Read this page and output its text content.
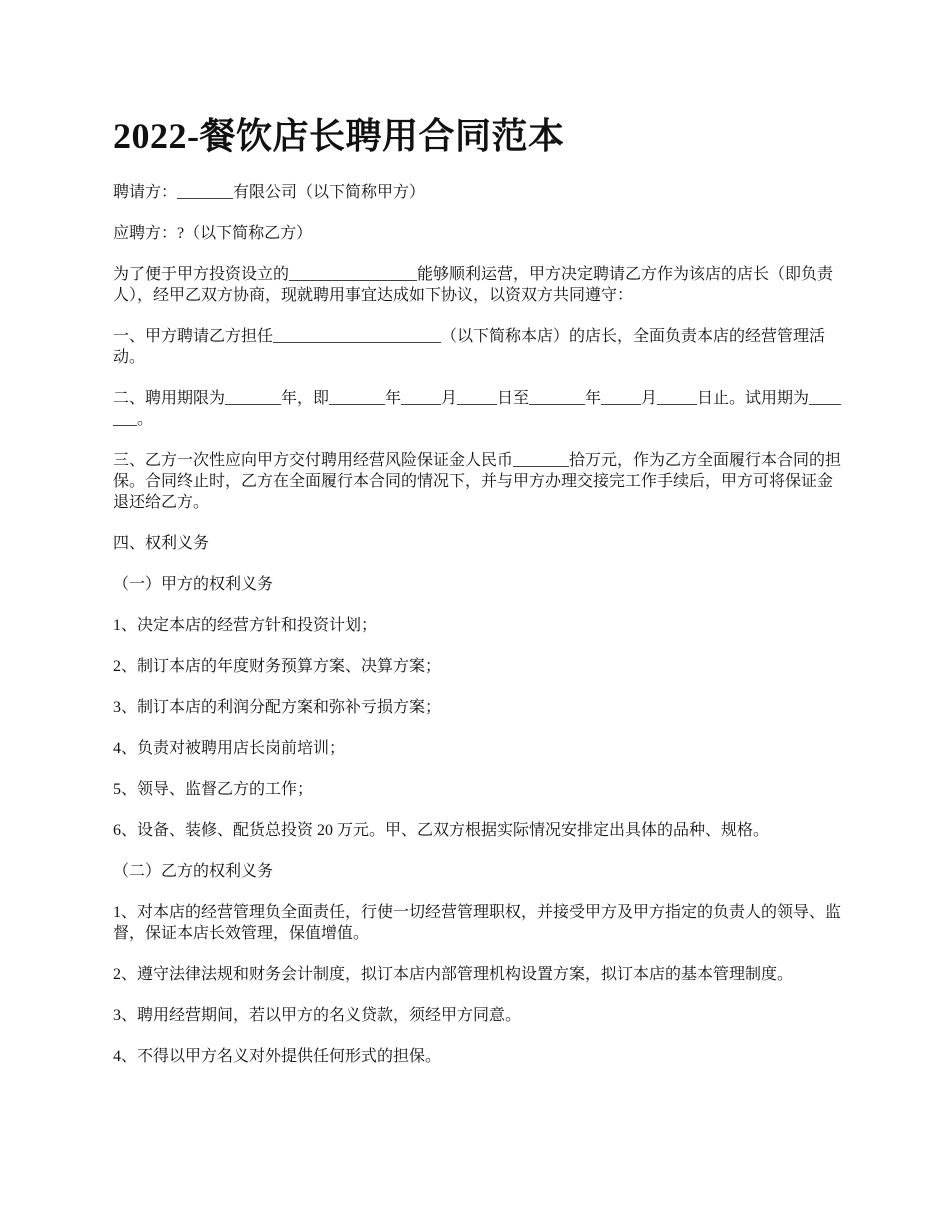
2022-餐饮店长聘用合同范本

聘请方：_______有限公司（以下简称甲方）

应聘方：?（以下简称乙方）

为了便于甲方投资设立的________________能够顺利运营，甲方决定聘请乙方作为该店的店长（即负责人），经甲乙双方协商，现就聘用事宜达成如下协议，以资双方共同遵守：

一、甲方聘请乙方担任_____________________（以下简称本店）的店长，全面负责本店的经营管理活动。

二、聘用期限为_______年，即_______年_____月_____日至_______年_____月_____日止。试用期为_______。

三、乙方一次性应向甲方交付聘用经营风险保证金人民币_______拾万元，作为乙方全面履行本合同的担保。合同终止时，乙方在全面履行本合同的情况下，并与甲方办理交接完工作手续后，甲方可将保证金退还给乙方。

四、权利义务

（一）甲方的权利义务

1、决定本店的经营方针和投资计划；

2、制订本店的年度财务预算方案、决算方案；

3、制订本店的利润分配方案和弥补亏损方案；

4、负责对被聘用店长岗前培训；

5、领导、监督乙方的工作；

6、设备、装修、配货总投资 20 万元。甲、乙双方根据实际情况安排定出具体的品种、规格。

（二）乙方的权利义务

1、对本店的经营管理负全面责任，行使一切经营管理职权，并接受甲方及甲方指定的负责人的领导、监督，保证本店长效管理，保值增值。

2、遵守法律法规和财务会计制度，拟订本店内部管理机构设置方案，拟订本店的基本管理制度。

3、聘用经营期间，若以甲方的名义贷款，须经甲方同意。

4、不得以甲方名义对外提供任何形式的担保。
